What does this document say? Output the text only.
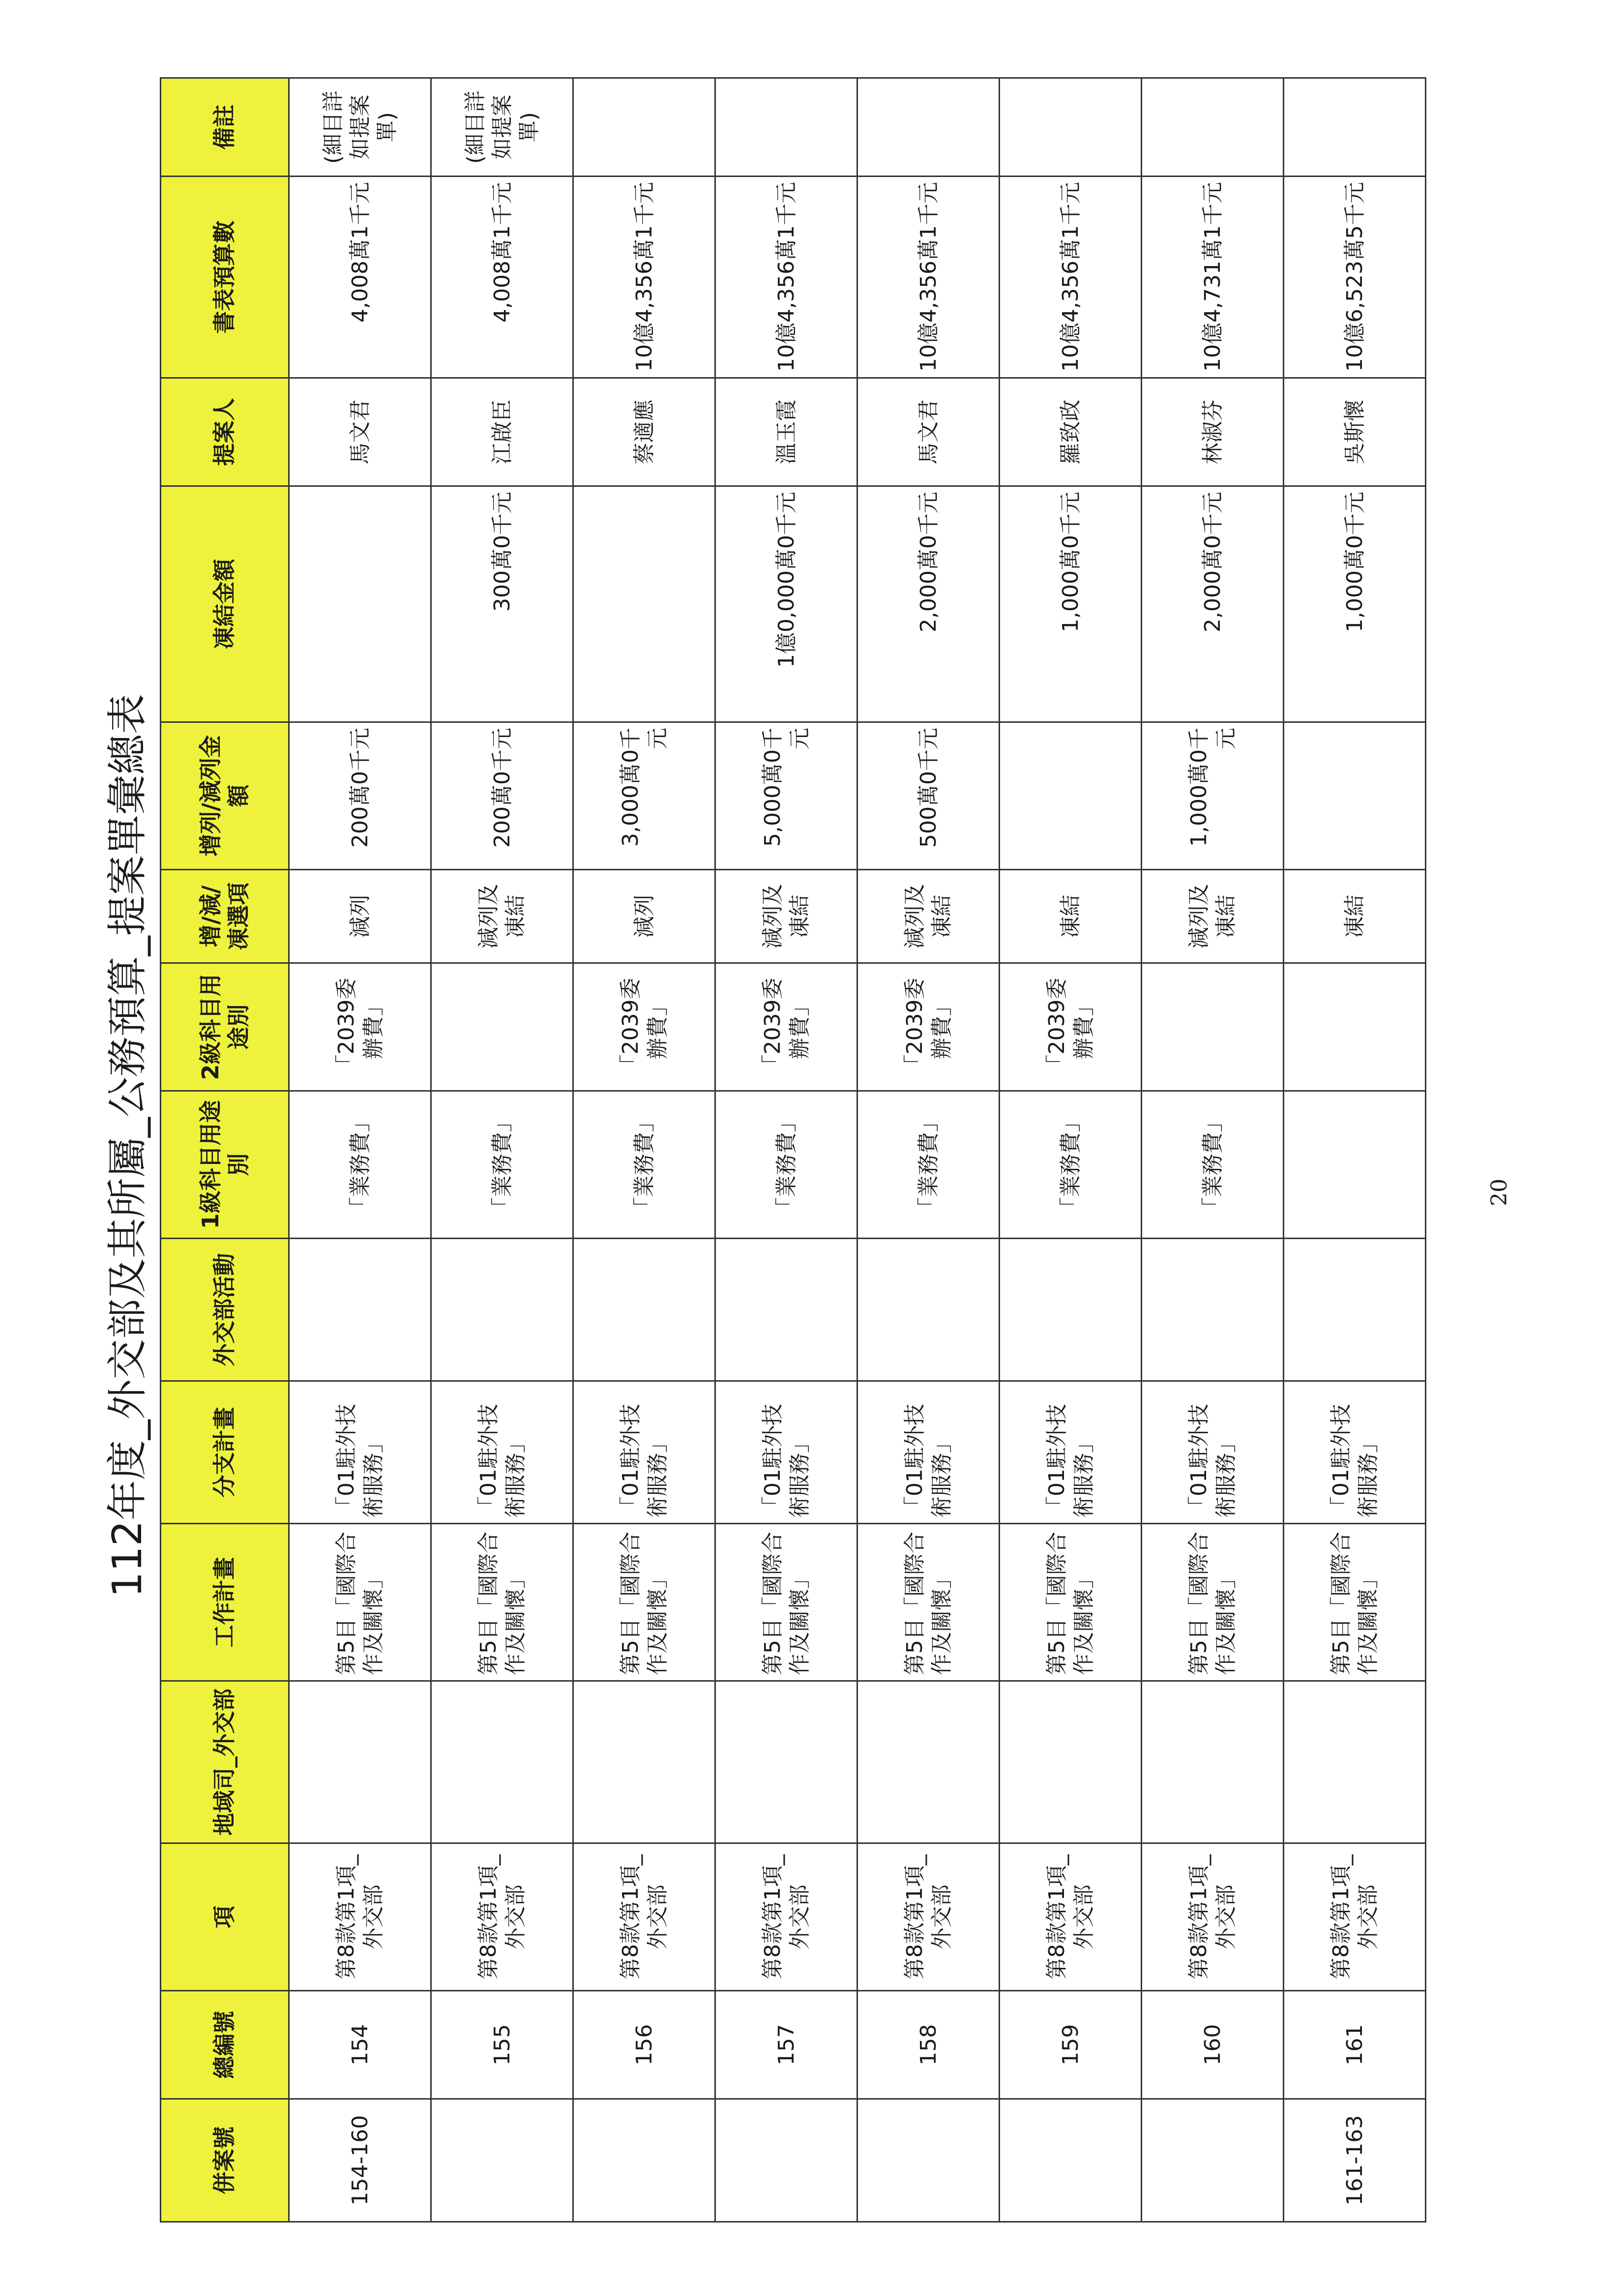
112年度_外交部及其所屬_公務預算_提案單彙總表
併案號	總編號	項	地域司_外交部	工作計畫	分支計畫	外交部活動	1級科目用途別	2級科目用途別	增/減/凍選項	增列/減列金額	凍結金額	提案人	書表預算數	備註
154-160	154	第8款第1項_外交部		第5目「國際合作及關懷」	「01駐外技術服務」		「業務費」	「2039委辦費」	減列	200萬0千元		馬文君	4,008萬1千元	(細目詳如提案單)
	155	第8款第1項_外交部		第5目「國際合作及關懷」	「01駐外技術服務」		「業務費」		減列及凍結	200萬0千元	300萬0千元	江啟臣	4,008萬1千元	(細目詳如提案單)
	156	第8款第1項_外交部		第5目「國際合作及關懷」	「01駐外技術服務」		「業務費」	「2039委辦費」	減列	3,000萬0千元		蔡適應	10億4,356萬1千元	
	157	第8款第1項_外交部		第5目「國際合作及關懷」	「01駐外技術服務」		「業務費」	「2039委辦費」	減列及凍結	5,000萬0千元	1億0,000萬0千元	溫玉霞	10億4,356萬1千元	
	158	第8款第1項_外交部		第5目「國際合作及關懷」	「01駐外技術服務」		「業務費」	「2039委辦費」	減列及凍結	500萬0千元	2,000萬0千元	馬文君	10億4,356萬1千元	
	159	第8款第1項_外交部		第5目「國際合作及關懷」	「01駐外技術服務」		「業務費」	「2039委辦費」	凍結		1,000萬0千元	羅致政	10億4,356萬1千元	
	160	第8款第1項_外交部		第5目「國際合作及關懷」	「01駐外技術服務」		「業務費」		減列及凍結	1,000萬0千元	2,000萬0千元	林淑芬	10億4,731萬1千元	
161-163	161	第8款第1項_外交部		第5目「國際合作及關懷」	「01駐外技術服務」				凍結		1,000萬0千元	吳斯懷	10億6,523萬5千元	
20
